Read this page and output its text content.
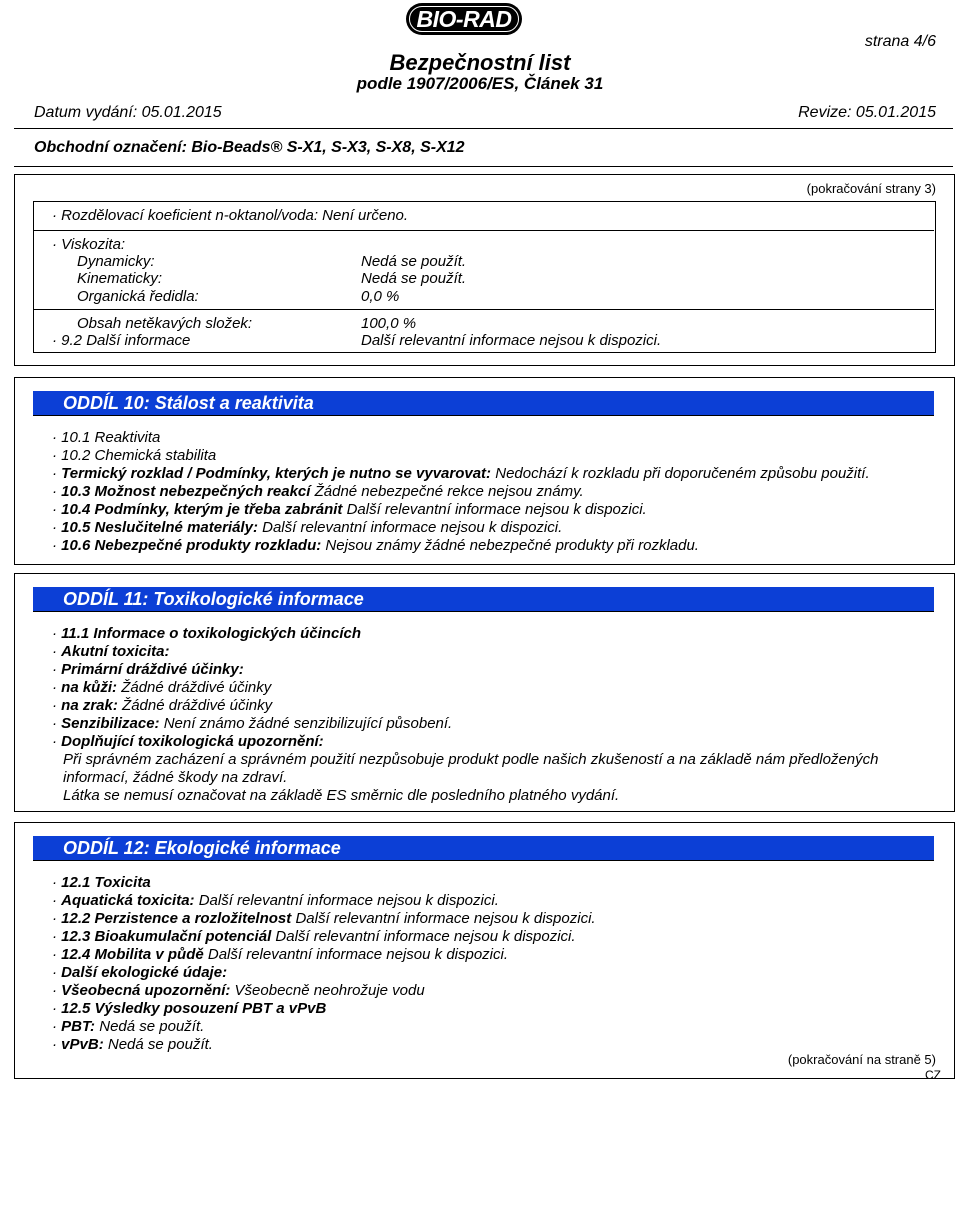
BIO-RAD
strana 4/6
Bezpečnostní list
podle 1907/2006/ES, Článek 31
Datum vydání: 05.01.2015	Revize: 05.01.2015
Obchodní označení: Bio-Beads® S-X1, S-X3, S-X8, S-X12
(pokračování strany 3)
· Rozdělovací koeficient n-oktanol/voda: Není určeno.
· Viskozita:
Dynamicky:	Nedá se použít.
Kinematicky:	Nedá se použít.
Organická ředidla:	0,0 %
Obsah netěkavých složek:	100,0 %
· 9.2 Další informace	Další relevantní informace nejsou k dispozici.
ODDÍL 10: Stálost a reaktivita
· 10.1 Reaktivita
· 10.2 Chemická stabilita
· Termický rozklad / Podmínky, kterých je nutno se vyvarovat: Nedochází k rozkladu při doporučeném způsobu použití.
· 10.3 Možnost nebezpečných reakcí Žádné nebezpečné rekce nejsou známy.
· 10.4 Podmínky, kterým je třeba zabránit Další relevantní informace nejsou k dispozici.
· 10.5 Neslučitelné materiály: Další relevantní informace nejsou k dispozici.
· 10.6 Nebezpečné produkty rozkladu: Nejsou známy žádné nebezpečné produkty při rozkladu.
ODDÍL 11: Toxikologické informace
· 11.1 Informace o toxikologických účincích
· Akutní toxicita:
· Primární dráždivé účinky:
· na kůži: Žádné dráždivé účinky
· na zrak: Žádné dráždivé účinky
· Senzibilizace: Není známo žádné senzibilizující působení.
· Doplňující toxikologická upozornění:
Při správném zacházení a správném použití nezpůsobuje produkt podle našich zkušeností a na základě nám předložených
informací, žádné škody na zdraví.
Látka se nemusí označovat na základě ES směrnic dle posledního platného vydání.
ODDÍL 12: Ekologické informace
· 12.1 Toxicita
· Aquatická toxicita: Další relevantní informace nejsou k dispozici.
· 12.2 Perzistence a rozložitelnost Další relevantní informace nejsou k dispozici.
· 12.3 Bioakumulační potenciál Další relevantní informace nejsou k dispozici.
· 12.4 Mobilita v půdě Další relevantní informace nejsou k dispozici.
· Další ekologické údaje:
· Všeobecná upozornění: Všeobecně neohrožuje vodu
· 12.5 Výsledky posouzení PBT a vPvB
· PBT: Nedá se použít.
· vPvB: Nedá se použít.
(pokračování na straně 5)
CZ
